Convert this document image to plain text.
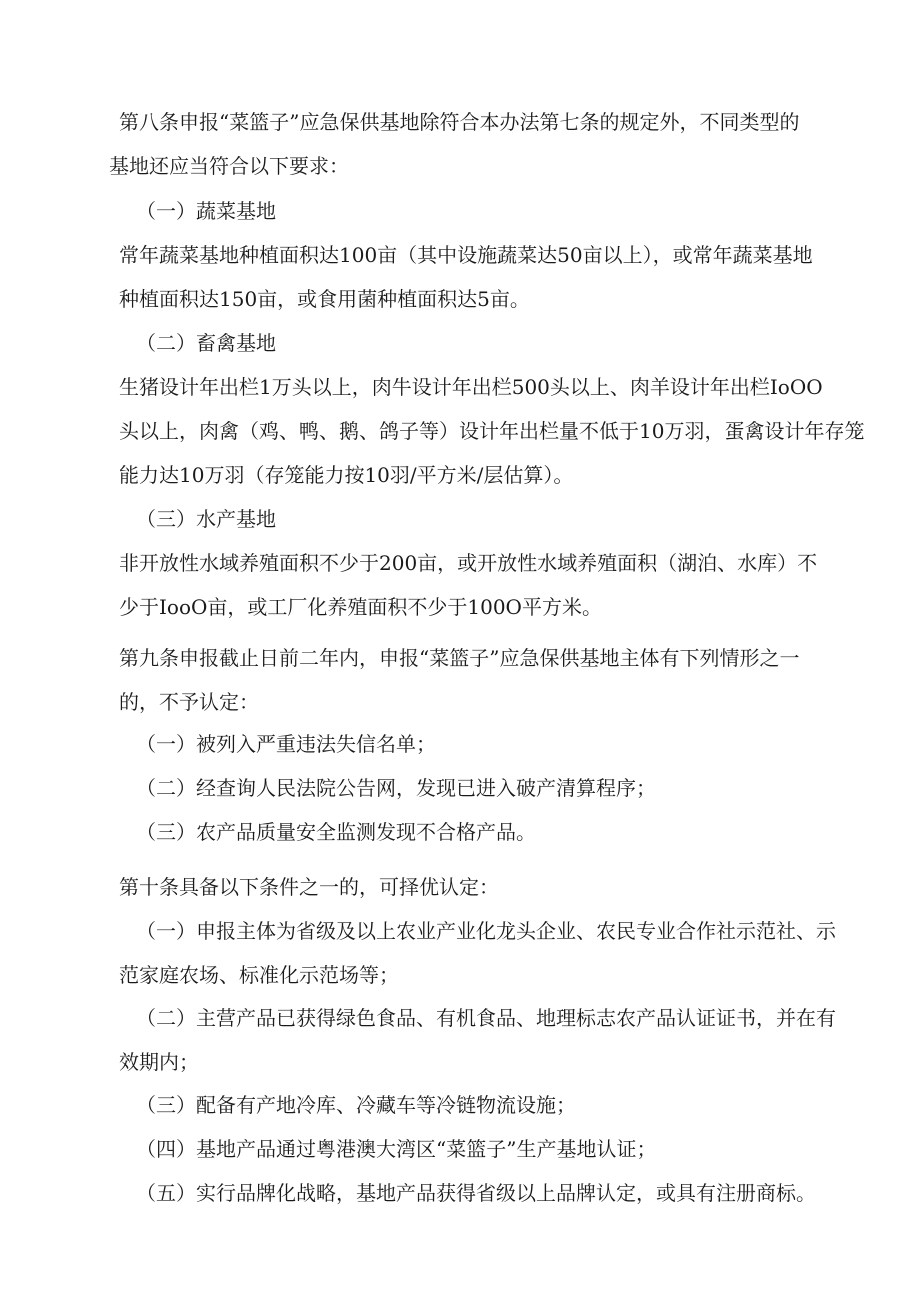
第八条申报“菜篮子”应急保供基地除符合本办法第七条的规定外，不同类型的
基地还应当符合以下要求：
（一）蔬菜基地
常年蔬菜基地种植面积达100亩（其中设施蔬菜达50亩以上），或常年蔬菜基地
种植面积达150亩，或食用菌种植面积达5亩。
（二）畜禽基地
生猪设计年出栏1万头以上，肉牛设计年出栏500头以上、肉羊设计年出栏IoOO
头以上，肉禽（鸡、鸭、鹅、鸽子等）设计年出栏量不低于10万羽，蛋禽设计年存笼
能力达10万羽（存笼能力按10羽/平方米/层估算）。
（三）水产基地
非开放性水域养殖面积不少于200亩，或开放性水域养殖面积（湖泊、水库）不
少于IooO亩，或工厂化养殖面积不少于100O平方米。
第九条申报截止日前二年内，申报“菜篮子”应急保供基地主体有下列情形之一
的，不予认定：
（一）被列入严重违法失信名单；
（二）经查询人民法院公告网，发现已进入破产清算程序；
（三）农产品质量安全监测发现不合格产品。
第十条具备以下条件之一的，可择优认定：
（一）申报主体为省级及以上农业产业化龙头企业、农民专业合作社示范社、示
范家庭农场、标准化示范场等；
（二）主营产品已获得绿色食品、有机食品、地理标志农产品认证证书，并在有
效期内；
（三）配备有产地冷库、冷藏车等冷链物流设施；
（四）基地产品通过粤港澳大湾区“菜篮子”生产基地认证；
（五）实行品牌化战略，基地产品获得省级以上品牌认定，或具有注册商标。
